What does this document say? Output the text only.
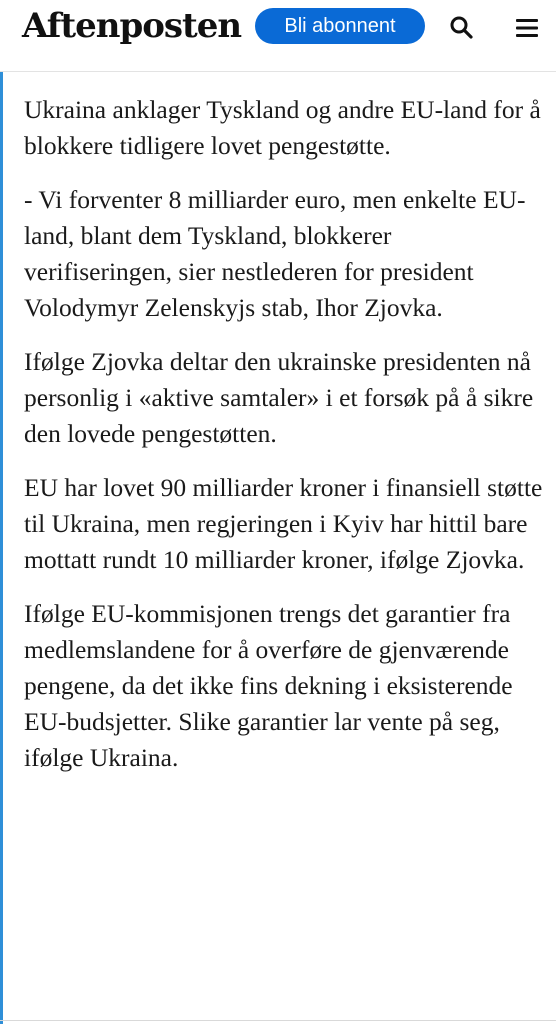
Aftenposten	Bli abonnent

Ukraina anklager Tyskland og andre EU-land for å blokkere tidligere lovet pengestøtte.

- Vi forventer 8 milliarder euro, men enkelte EU-land, blant dem Tyskland, blokkerer verifiseringen, sier nestlederen for president Volodymyr Zelenskyjs stab, Ihor Zjovka.

Ifølge Zjovka deltar den ukrainske presidenten nå personlig i «aktive samtaler» i et forsøk på å sikre den lovede pengestøtten.

EU har lovet 90 milliarder kroner i finansiell støtte til Ukraina, men regjeringen i Kyiv har hittil bare mottatt rundt 10 milliarder kroner, ifølge Zjovka.

Ifølge EU-kommisjonen trengs det garantier fra medlemslandene for å overføre de gjenværende pengene, da det ikke fins dekning i eksisterende EU-budsjetter. Slike garantier lar vente på seg, ifølge Ukraina.
